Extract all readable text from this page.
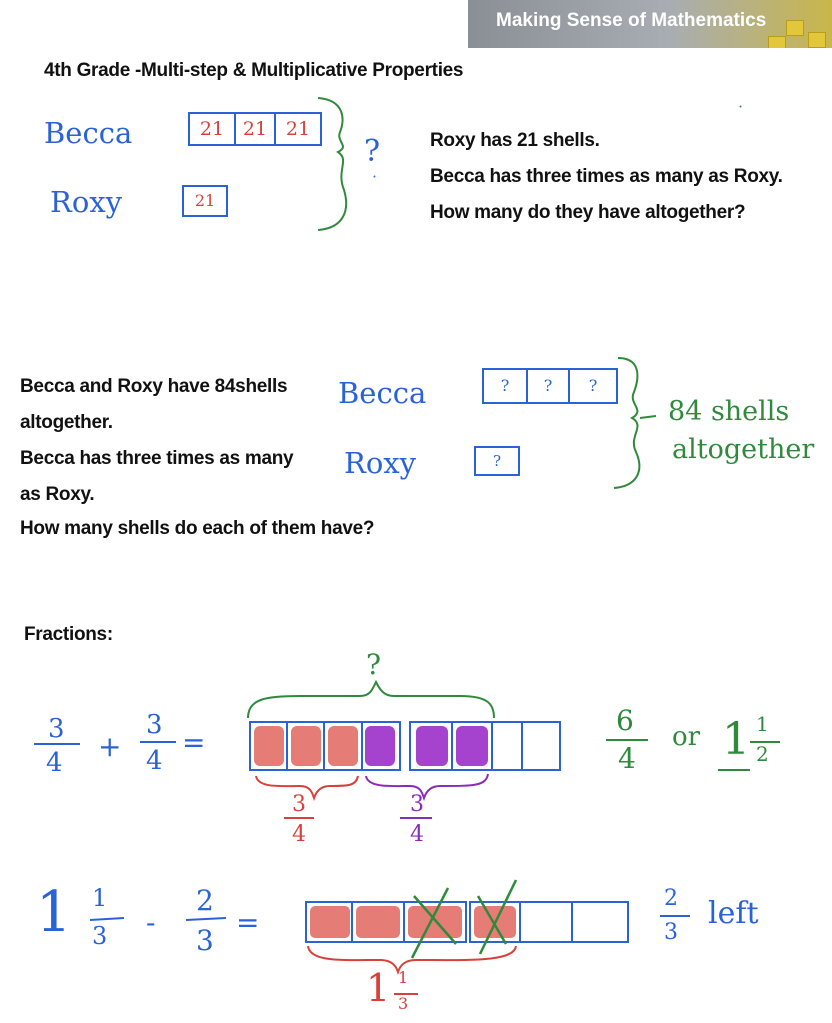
Making Sense of Mathematics
4th Grade -Multi-step & Multiplicative Properties
Becca
Roxy
21 21 21
21
?	Roxy has 21 shells.
Becca has three times as many as Roxy.
How many do they have altogether?
Becca and Roxy have 84shells
altogether.
Becca has three times as many
as Roxy.
How many shells do each of them have?
Becca
Roxy
?	?	?
?
84 shells
altogether
Fractions:
3
4 +
3
4
=
?
3
4
3
4
6
4
or 1 1
2
1 1
3 -
2
3
=
2
3
left
1 1
3
